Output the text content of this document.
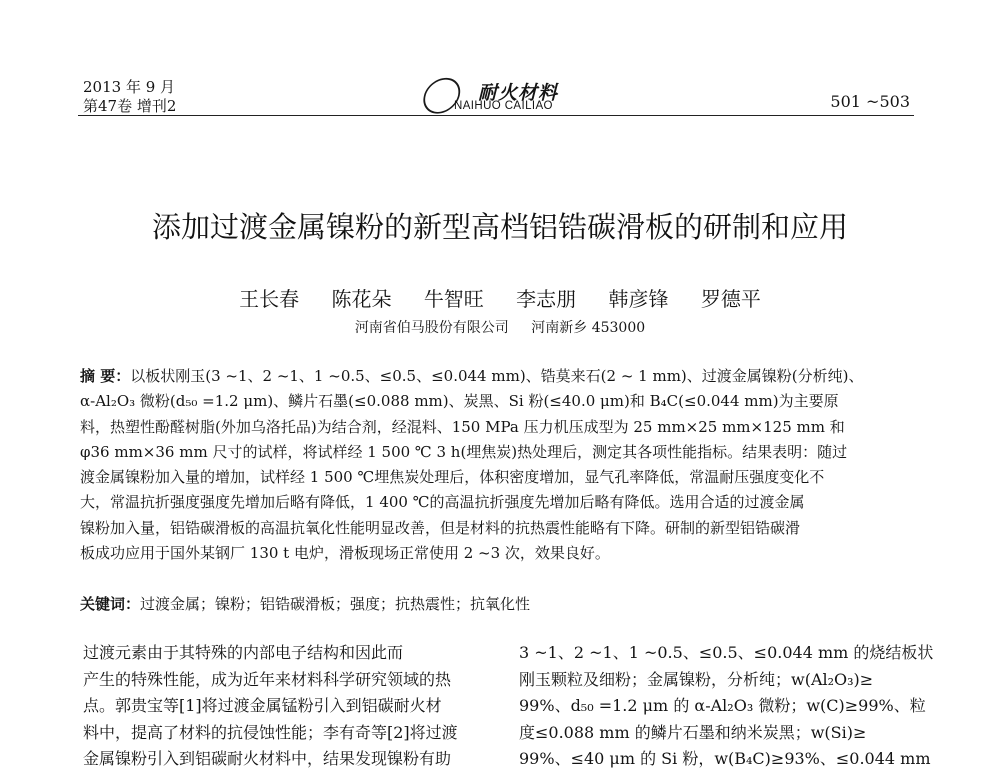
2013 年 9 月
第47卷 增刊2	〇 耐火材料
NAIHUO CAILIAO	501 ~503
添加过渡金属镍粉的新型高档铝锆碳滑板的研制和应用
王长春 陈花朵 牛智旺 李志朋 韩彦锋 罗德平
河南省伯马股份有限公司 河南新乡 453000
摘 要：以板状刚玉(3 ~1、2 ~1、1 ~0.5、≤0.5、≤0.044 mm)、锆莫来石(2 ~ 1 mm)、过渡金属镍粉(分析纯)、
α-Al₂O₃ 微粉(d₅₀ =1.2 μm)、鳞片石墨(≤0.088 mm)、炭黑、Si 粉(≤40.0 μm)和 B₄C(≤0.044 mm)为主要原
料，热塑性酚醛树脂(外加乌洛托品)为结合剂，经混料、150 MPa 压力机压成型为 25 mm×25 mm×125 mm 和
φ36 mm×36 mm 尺寸的试样，将试样经 1 500 ℃ 3 h(埋焦炭)热处理后，测定其各项性能指标。结果表明：随过
渡金属镍粉加入量的增加，试样经 1 500 ℃埋焦炭处理后，体积密度增加，显气孔率降低，常温耐压强度变化不
大，常温抗折强度强度先增加后略有降低，1 400 ℃的高温抗折强度先增加后略有降低。选用合适的过渡金属
镍粉加入量，铝锆碳滑板的高温抗氧化性能明显改善，但是材料的抗热震性能略有下降。研制的新型铝锆碳滑
板成功应用于国外某钢厂 130 t 电炉，滑板现场正常使用 2 ~3 次，效果良好。
关键词：过渡金属；镍粉；铝锆碳滑板；强度；抗热震性；抗氧化性
过渡元素由于其特殊的内部电子结构和因此而
产生的特殊性能，成为近年来材料科学研究领域的热
点。郭贵宝等[1]将过渡金属锰粉引入到铝碳耐火材
料中，提高了材料的抗侵蚀性能；李有奇等[2]将过渡
金属镍粉引入到铝碳耐火材料中，结果发现镍粉有助
3 ~1、2 ~1、1 ~0.5、≤0.5、≤0.044 mm 的烧结板状
刚玉颗粒及细粉；金属镍粉，分析纯；w(Al₂O₃)≥
99%、d₅₀ =1.2 μm 的 α-Al₂O₃ 微粉；w(C)≥99%、粒
度≤0.088 mm 的鳞片石墨和纳米炭黑；w(Si)≥
99%、≤40 μm 的 Si 粉，w(B₄C)≥93%、≤0.044 mm
